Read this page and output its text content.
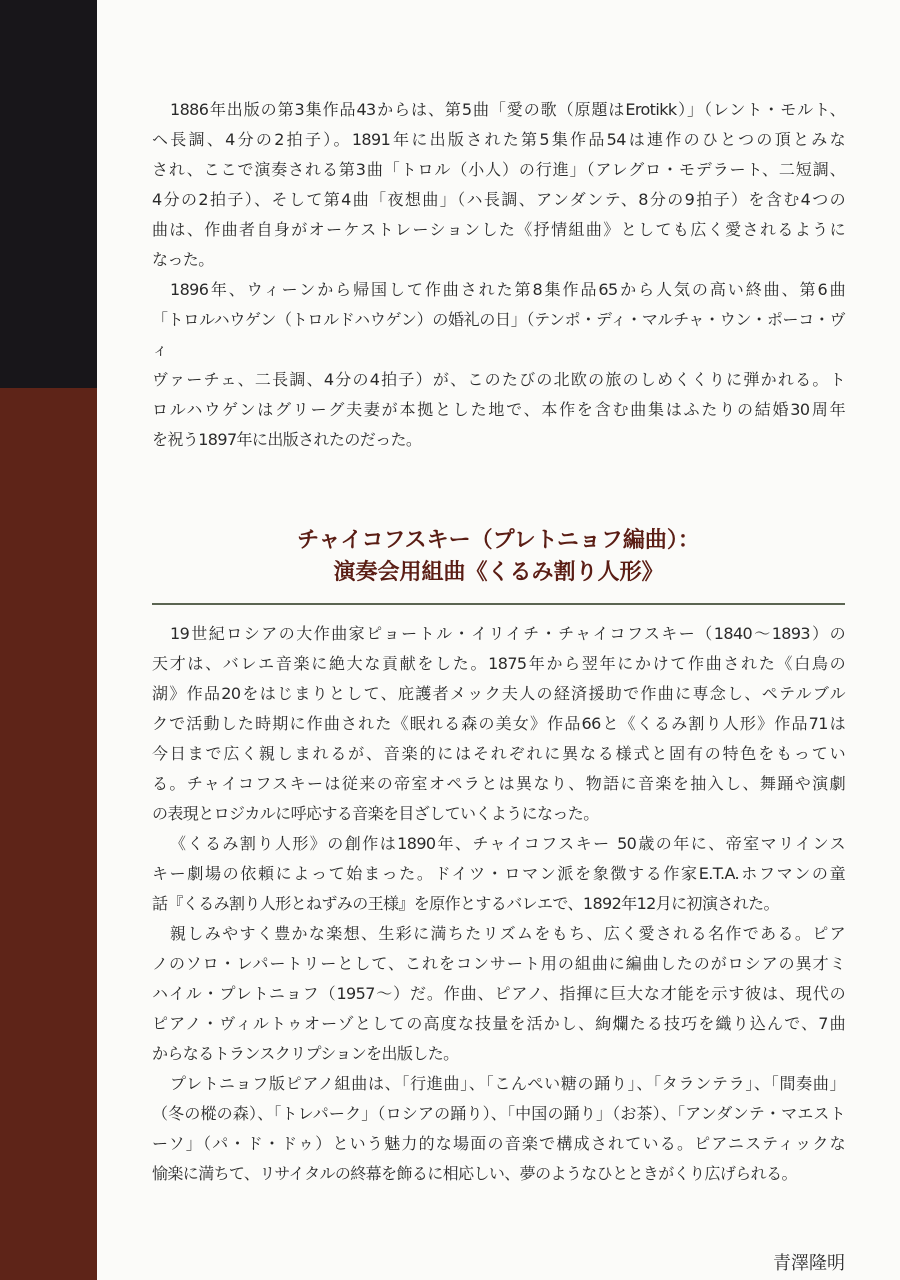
1886年出版の第3集作品43からは、第5曲「愛の歌（原題はErotikk）」（レント・モルト、
ヘ長調、4分の2拍子）。1891年に出版された第5集作品54は連作のひとつの頂とみな
され、ここで演奏される第3曲「トロル（小人）の行進」（アレグロ・モデラート、二短調、
4分の2拍子）、そして第4曲「夜想曲」（ハ長調、アンダンテ、8分の9拍子）を含む4つの
曲は、作曲者自身がオーケストレーションした《抒情組曲》としても広く愛されるように
なった。
1896年、ウィーンから帰国して作曲された第8集作品65から人気の高い終曲、第6曲
「トロルハウゲン（トロルドハウゲン）の婚礼の日」（テンポ・ディ・マルチャ・ウン・ポーコ・ヴィ
ヴァーチェ、二長調、4分の4拍子）が、このたびの北欧の旅のしめくくりに弾かれる。ト
ロルハウゲンはグリーグ夫妻が本拠とした地で、本作を含む曲集はふたりの結婚30周年
を祝う1897年に出版されたのだった。
チャイコフスキー（プレトニョフ編曲）：
演奏会用組曲《くるみ割り人形》
19世紀ロシアの大作曲家ピョートル・イリイチ・チャイコフスキー（1840～1893）の
天才は、バレエ音楽に絶大な貢献をした。1875年から翌年にかけて作曲された《白鳥の
湖》作品20をはじまりとして、庇護者メック夫人の経済援助で作曲に専念し、ペテルブル
クで活動した時期に作曲された《眠れる森の美女》作品66と《くるみ割り人形》作品71は
今日まで広く親しまれるが、音楽的にはそれぞれに異なる様式と固有の特色をもってい
る。チャイコフスキーは従来の帝室オペラとは異なり、物語に音楽を抽入し、舞踊や演劇
の表現とロジカルに呼応する音楽を目ざしていくようになった。
《くるみ割り人形》の創作は1890年、チャイコフスキー 50歳の年に、帝室マリインス
キー劇場の依頼によって始まった。ドイツ・ロマン派を象徴する作家E.T.A.ホフマンの童
話『くるみ割り人形とねずみの王様』を原作とするバレエで、1892年12月に初演された。
親しみやすく豊かな楽想、生彩に満ちたリズムをもち、広く愛される名作である。ピア
ノのソロ・レパートリーとして、これをコンサート用の組曲に編曲したのがロシアの異才ミ
ハイル・プレトニョフ（1957～）だ。作曲、ピアノ、指揮に巨大な才能を示す彼は、現代の
ピアノ・ヴィルトゥオーゾとしての高度な技量を活かし、絢爛たる技巧を織り込んで、7曲
からなるトランスクリプションを出版した。
プレトニョフ版ピアノ組曲は、「行進曲」、「こんぺい糖の踊り」、「タランテラ」、「間奏曲」
（冬の樅の森）、「トレパーク」（ロシアの踊り）、「中国の踊り」（お茶）、「アンダンテ・マエスト
ーソ」（パ・ド・ドゥ）という魅力的な場面の音楽で構成されている。ピアニスティックな
愉楽に満ちて、リサイタルの終幕を飾るに相応しい、夢のようなひとときがくり広げられる。
青澤隆明
